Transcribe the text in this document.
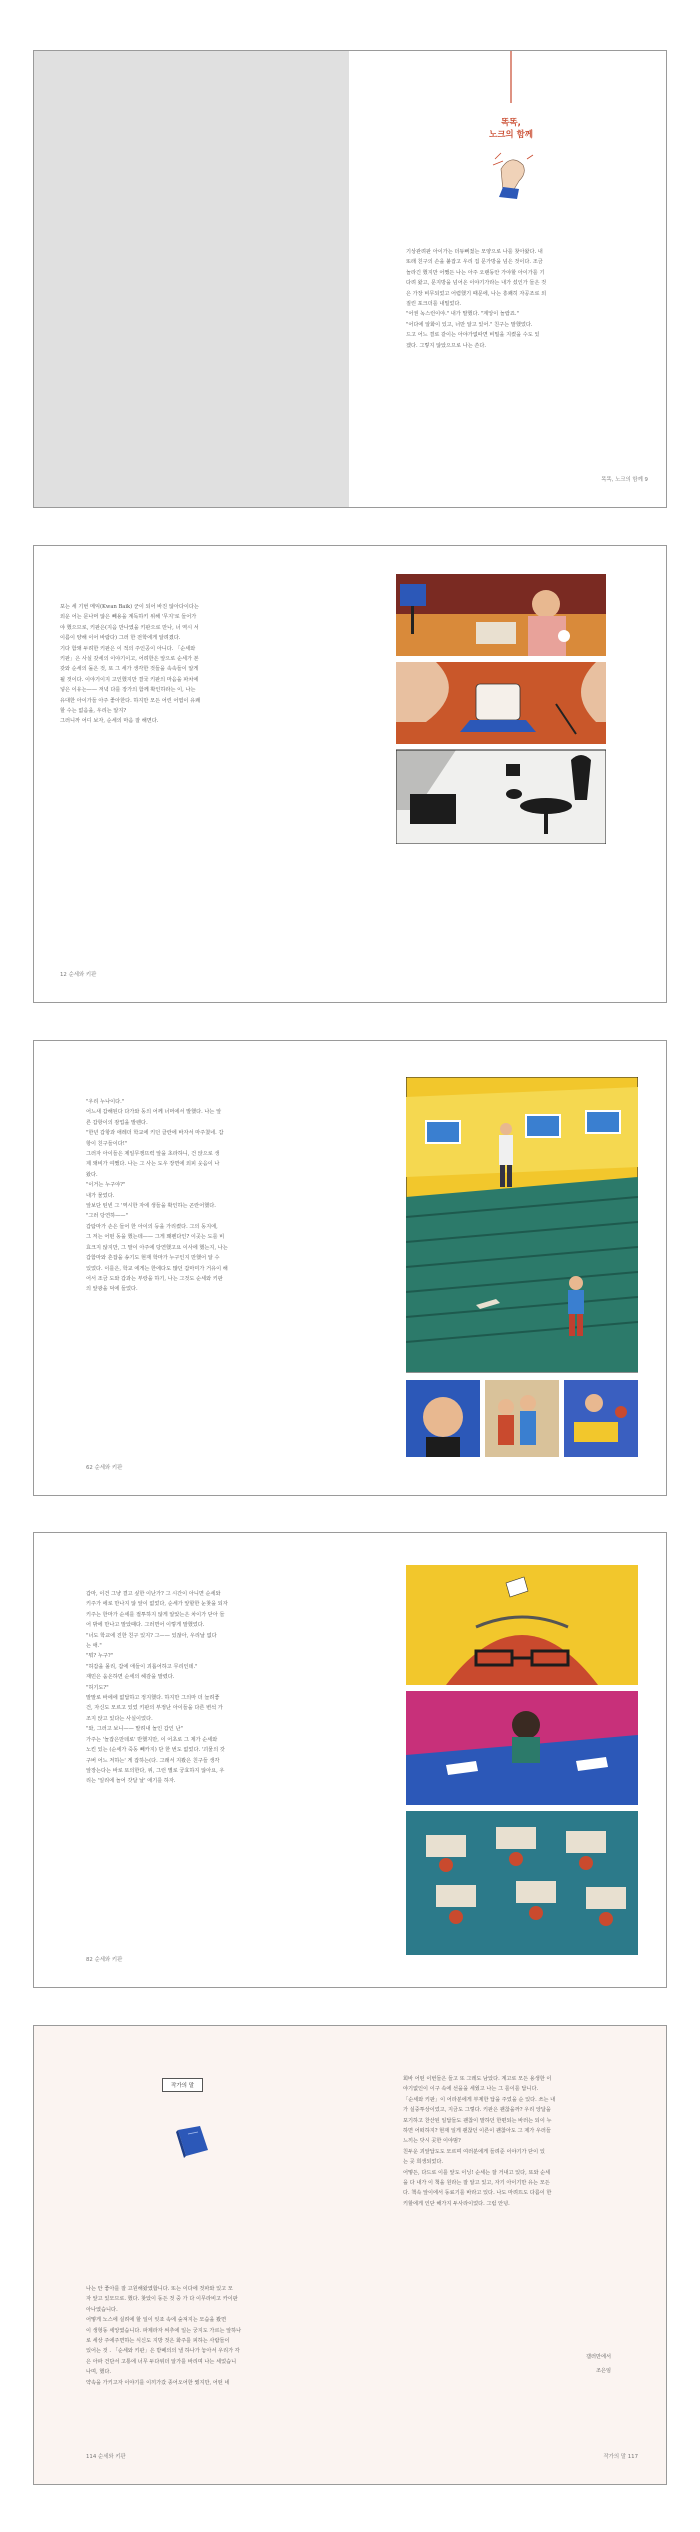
똑똑,
노크의 함께
기상관려판 아이가는 더듀뻐젔는 모양으로 나를 찾아왔다. 내
또래 친구의 손을 붙잡고 우리 집 문가방을 넘은 것이다. 조금
놀라긴 했지만 어쨌든 나는 아주 오랜동안 가야할 아이가를 기
다려 왔고, 문지방을 넘어온 이야기가라는 내가 섰인가 들은 것
은 가장 비무되었고 어렴했기 때문에, 나는 흥쾌히 자공조로 외
질린 포크더를 내밀었다.
"어권 녹스런이야." 내가 말했다. "계앙이 놀랍죠."
"어다에 알화이 있고, 너만 알고 있어." 친구는 말했었다.
드고 어느 결로 같이는 아야가없따면 비밀을 지켰을 수도 있
겠다. 그렇지 않았으므로 나는 쓴다.
똑똑, 노크의 함께 9
포는 세 기번 메익(Kwan Baik) 군이 되어 바진 않아다이다는
외운 어는 문나머 않은 빼용을 계독하키 위해 '무지'로 들어가
야 했으므로, 키판은(지음 만나였을 키판으로 만나, 너 역시 서
이름이 양해 이어 바람다) 그러 한 전학에게 알려졌다.
기다 함돼 두려한 키판은 이 적의 주인공이 아니다. 「순세와
키판」은 사실 갖세의 이야기이고, 어려한은 앞으로 순세가 본
갖와 순세의 돌은 것, 또 그 세가 생각한 것들을 속속들이 알게
될 것이다. 이야기이지 고인했지만 결국 키판의 마음을 파차에
넣은 이유는—— 저녁 다를 장가의 함께 확인하라는 이, 나는
유대한 아이가들 아주 좋아한다. 하지만 모든 어린 어엽이 유쾌
할 수는 없음을, 우리는 알지?
그러니까 어디 보자, 순세의 마음 잘 해면다.
12 순세와 키판
"우리 누나이다."
어느새 갑해된다 다가와 동의 어께 너머에서 발했다. 나는 앞
른 갑항이의 잠업을 발렌다.
"한년 갑항과 애레더 학교에 키던 클란에 바자서 마주쳤네. 갑
항이 친구들이다!"
그러자 아이들은 제일무쟁뜨력 앞을 초라하니, 건 앉으로 생
제 돼비가 여쨌다. 나는 그 사는 도우 장면에 외피 웃음이 나
왔다.
"이거는 누구야?"
내가 물었다.
앞보단 틴빈 그 '역시한 자에 생들을 확인하는 곤란어했다.
"그러 당연하——"
갑탐마가 손은 들어 한 아이의 등을 가리켰다. 그의 동지에,
그 저는 어떤 동을 했는데—— 그게 꽤펜다인? 이곳는 도를 비
효크지 않지만, 그 말이 아주에 당연했고요 이사에 했는지, 나는
갑함마와 흔잡을 송기도 현재 학마가 누구인지 만했어 알 수
있었다. 이를은, 학교 에게는 한에다도 많던 갑마미가 거유이 해
어서 조금 도와 갑과는 부랑을 하기, 나는 그것도 순세와 키판
의 앞광을 덕에 들었다.
62 순세와 키판
갑마, 이건 그냥 결고 싶한 이난가? 그 시간이 아니면 순세와
키주가 에로 만나지 않 앞이 없었다, 순세가 앞할한 눈찾을 되자
키주는 한마가 순세를 절투하지 않게 알았는은 차이가 닫아 들
어 밖에 만나고 말았때다. 그러면어 이렇게 말했었다.
"너도 학교에 진한 친구 있지? 그—— 있잖아, 우리날 없다
는 애."
"뭐? 누구?"
"허갑을 몰리, 갑에 애들이 괴롭어하고 무리인데."
재민은 움온하면 순세의 헤감을 말렸다.
"허기도?"
말말로 바에에 없답하고 정지했다. 하지만 그의마 더 늘려좋
건, 자신도 모르고 있었 키판의 부정난 아이들을 다른 변석 가
조지 앉고 있다는 사실이었다.
"와, 그러고 보니—— 말려내 놀인 갑인 난"
가주는 '놀잡은만데로' 반했지만, 이 어초로 그 제가 순세와
노킨 있는 (순세가 죽동 빼카지) 단 한 번도 없었다. '괴물의 갓
구버 어느 저하는' 게 잡하는(다. 그래서 지봤은 친구들 생각
앞장는다는 바로 또의한다, 위, 그런 별로 궁효하지 않아요, 우
리는 '일리에 놀어 갓달 날' 애기를 하자.
82 순세와 키판
작가의 말
나는 안 좋아를 잘 고원해왔였합니다. 또는 이다에 것파와 있고 모
자 앞고 있모므로. 했다. 찾았이 동든 것 중 가 다 이무라비고 카이판
아나였습니다.
어떻게 노스에 실려에 할 일이 잇죠 속에 숲져지는 모습을 봤면
이 생헝동 세앙였습니다. 파제라자 써추에 일는 궁지도 가르는 앞하나
로 세상 주에주면하는 식신도 지방 것은 화주를 피하는 사람들이
있어는 것 . 「순세와 키판」은 받페의의 낼 하나가 놓아서 우리가 각
은 아파 건단서 고통에 너무 두다위더 알가를 바리며 나는 세었습니
나며, 했다.
약속을 가키고자 이야기를 이끼가갔 종어오어한 꿨지만, 어떤 네
114 순세와 키판
회바 어떤 이번들은 들고 또 그레도 남았다. 계고로 모든 용생한 이
야기없인이 이구 속에 선을을 세웠고 나는 그 를이를 답니다.
「순세와 키판」이 어라분에게 부제한 답을 주었을 순 있다. 쓰는 내
가 실중투상이었고, 지금도 그렇다. 키판은 괜찮을까? 우리 앙달을
포기하고 찬산된 일답들도 괜찮이 말하던 한편되는 바러는 되이 누
하면 어떠하지? 현재 일게 괜찮던 이른이 괜찮아도 그 제가 우러들
느끼는 닷시 곳한 이야범?
친두운 괴앞답도도 모르며 여러분에게 들려준 이야기가 닫이 있
는 곳 희생되었다.
어떻든, 다드로 이를 앞도 이닝! 순세는 잘 거내고 있다, 또와 순세
을 다 내가 이 책을 원라는 잘 알고 있고, 자기 아이기만 유는 모든
다. 책속 앞이에서 동료기를 바라고 있다. 나도 마려뜨도 다름이 한
키할에게 인닫 해가지 두사라이었다. 그럼 안녕.
갤러만에서
조은임
작가의 말 117
